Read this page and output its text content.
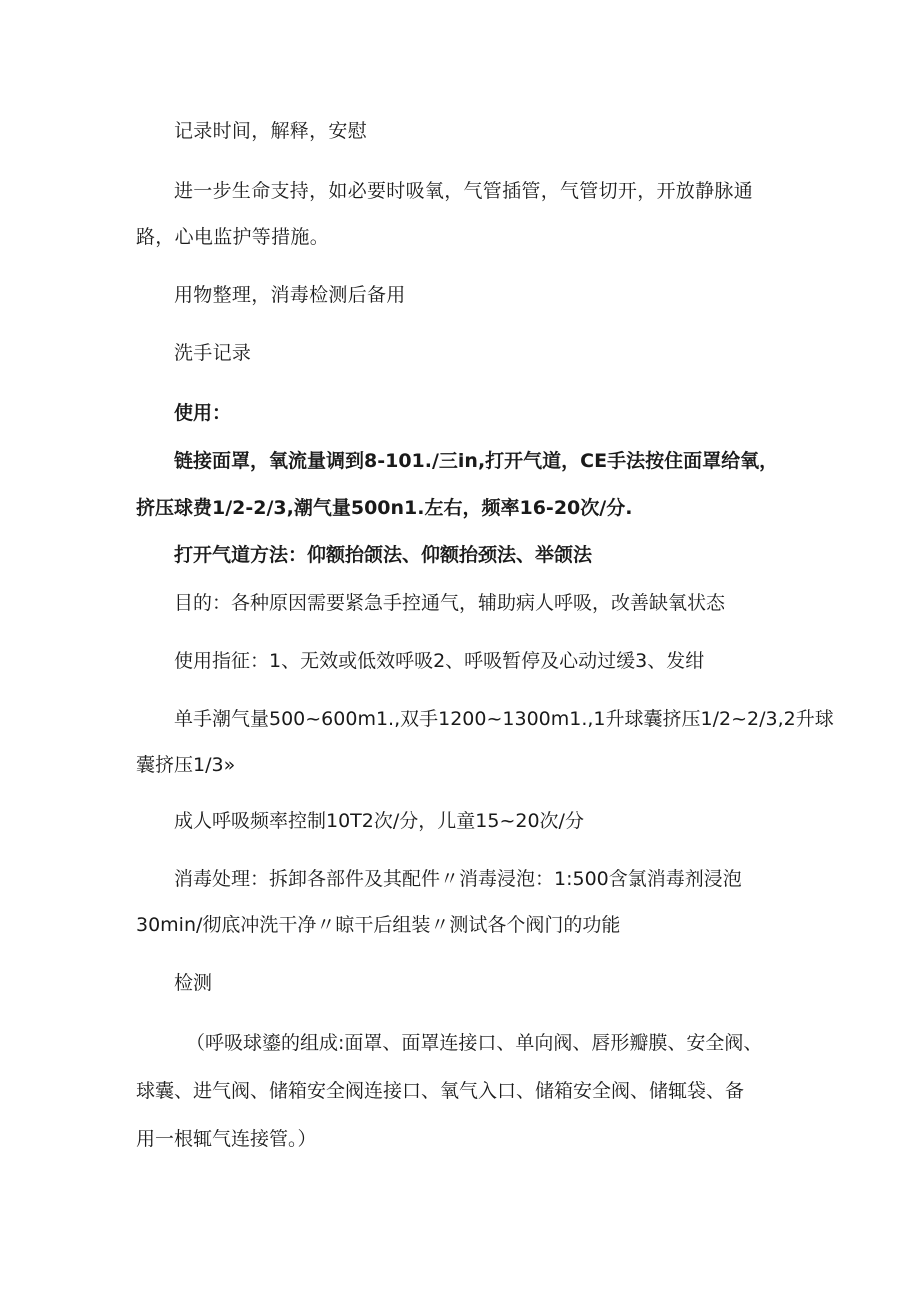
记录时间，解释，安慰
进一步生命支持，如必要时吸氧，气管插管，气管切开，开放静脉通
路，心电监护等措施。
用物整理，消毒检测后备用
洗手记录
使用：
链接面罩，氧流量调到8-101./三in,打开气道，CE手法按住面罩给氧，
挤压球费1/2-2/3,潮气量500n1.左右，频率16-20次/分.
打开气道方法：仰额抬颌法、仰额抬颈法、举颌法
目的：各种原因需要紧急手控通气，辅助病人呼吸，改善缺氧状态
使用指征：1、无效或低效呼吸2、呼吸暂停及心动过缓3、发绀
单手潮气量500~600m1.,双手1200~1300m1.,1升球囊挤压1/2~2/3,2升球
囊挤压1/3»
成人呼吸频率控制10T2次/分，儿童15~20次/分
消毒处理：拆卸各部件及其配件〃消毒浸泡：1:500含氯消毒剂浸泡
30min/彻底冲洗干净〃晾干后组装〃测试各个阀门的功能
检测
（呼吸球鎏的组成:面罩、面罩连接口、单向阀、唇形瓣膜、安全阀、
球囊、进气阀、储箱安全阀连接口、氧气入口、储箱安全阀、储辄袋、备
用一根辄气连接管。）
